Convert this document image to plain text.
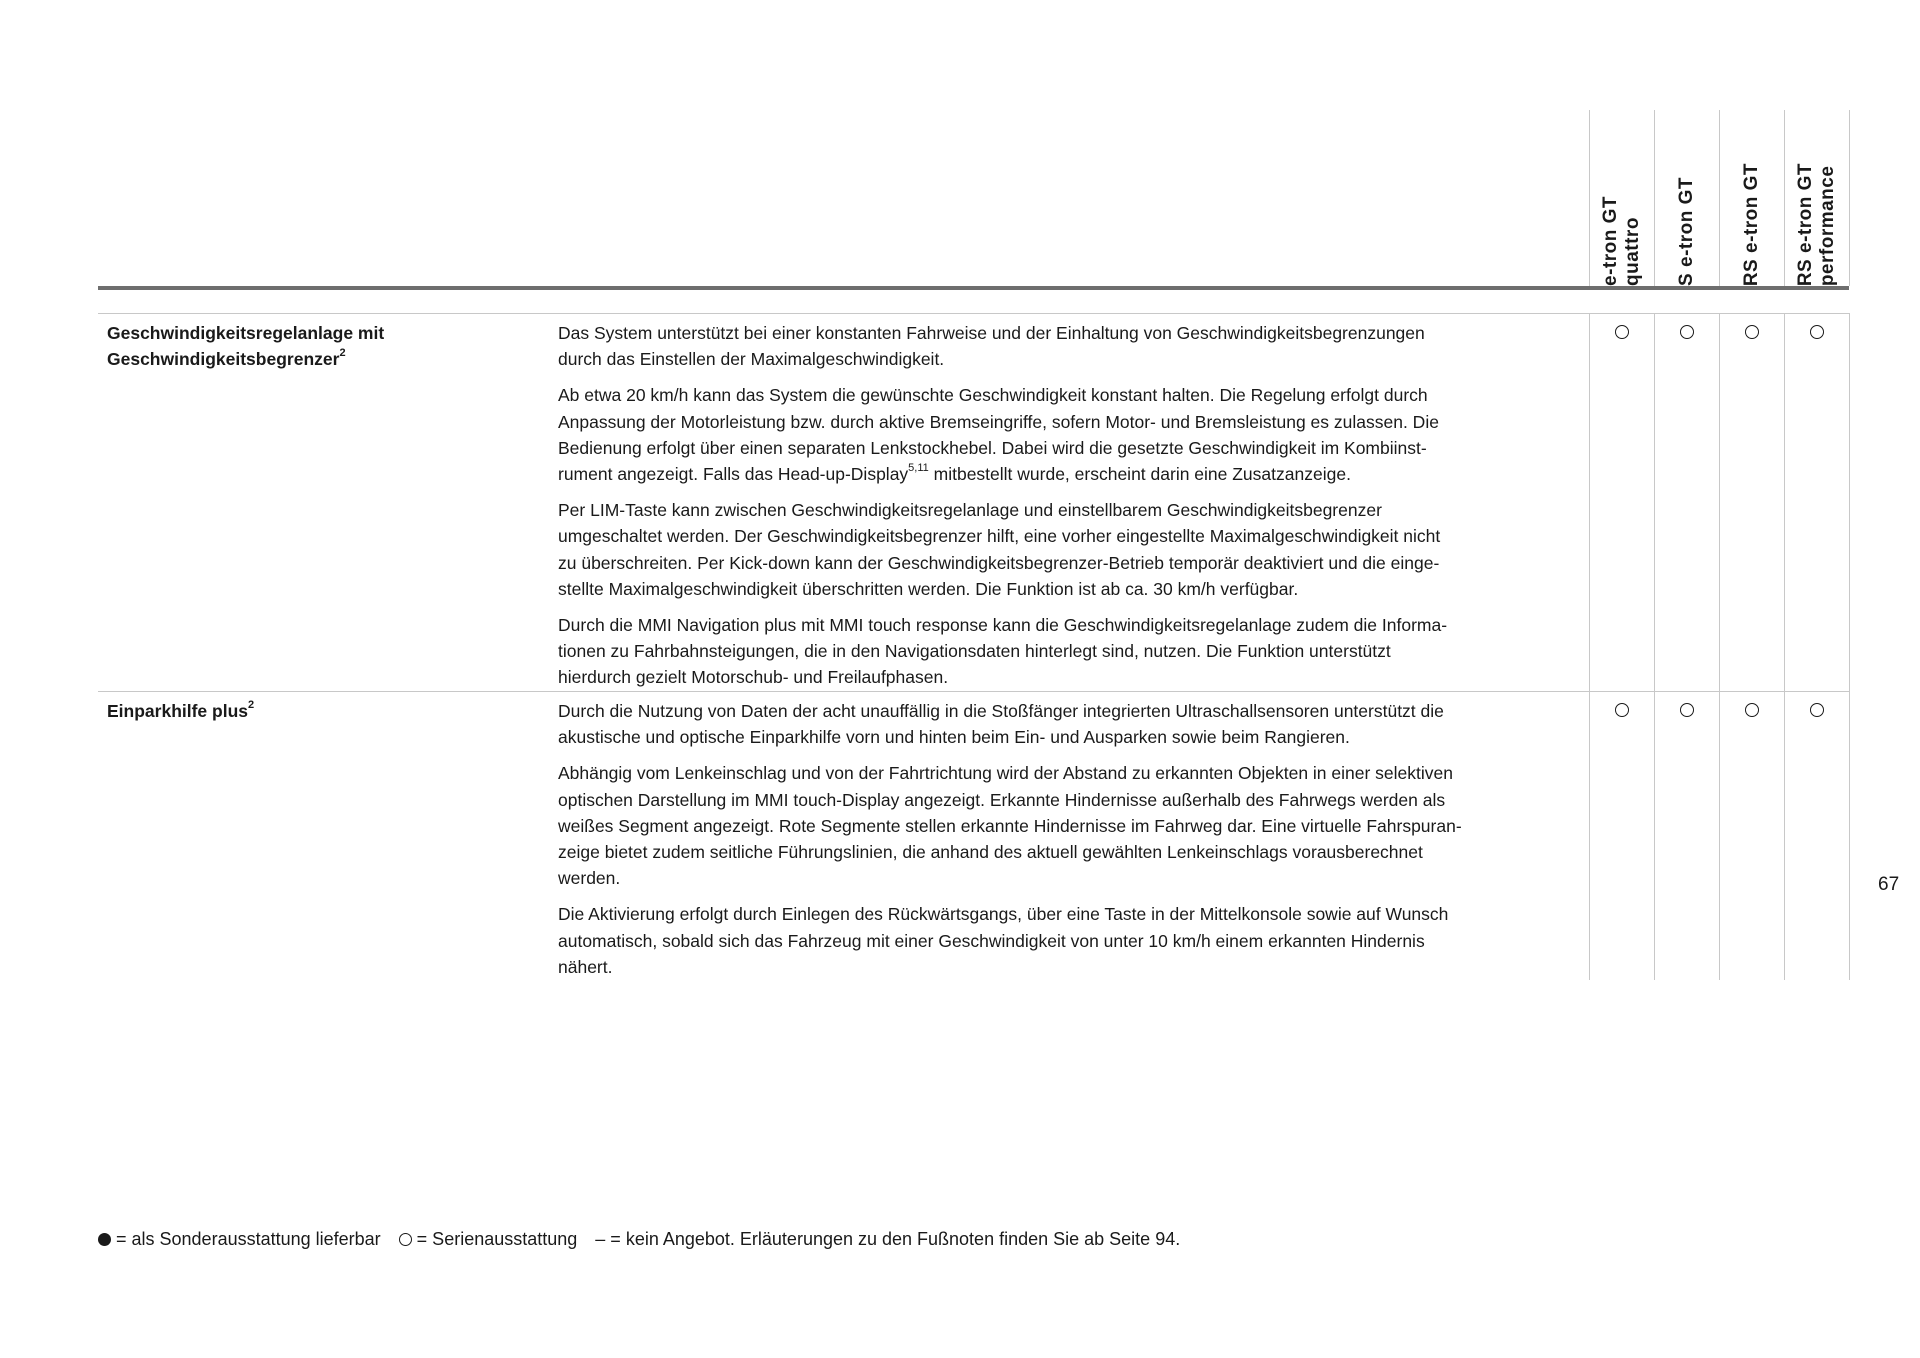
e-tron GT
quattro S e-tron GT RS e-tron GT RS e-tron GT
performance
Geschwindigkeitsregelanlage mit
Geschwindigkeitsbegrenzer$^2$

Das System unterstützt bei einer konstanten Fahrweise und der Einhaltung von Geschwindigkeitsbegrenzungen
durch das Einstellen der Maximalgeschwindigkeit.

Ab etwa 20 km/h kann das System die gewünschte Geschwindigkeit konstant halten. Die Regelung erfolgt durch
Anpassung der Motorleistung bzw. durch aktive Bremseingriffe, sofern Motor- und Bremsleistung es zulassen. Die
Bedienung erfolgt über einen separaten Lenkstockhebel. Dabei wird die gesetzte Geschwindigkeit im Kombiinst-
rument angezeigt. Falls das Head-up-Display$^{5,11}$ mitbestellt wurde, erscheint darin eine Zusatzanzeige.

Per LIM-Taste kann zwischen Geschwindigkeitsregelanlage und einstellbarem Geschwindigkeitsbegrenzer
umgeschaltet werden. Der Geschwindigkeitsbegrenzer hilft, eine vorher eingestellte Maximalgeschwindigkeit nicht
zu überschreiten. Per Kick-down kann der Geschwindigkeitsbegrenzer-Betrieb temporär deaktiviert und die einge-
stellte Maximalgeschwindigkeit überschritten werden. Die Funktion ist ab ca. 30 km/h verfügbar.

Durch die MMI Navigation plus mit MMI touch response kann die Geschwindigkeitsregelanlage zudem die Informa-
tionen zu Fahrbahnsteigungen, die in den Navigationsdaten hinterlegt sind, nutzen. Die Funktion unterstützt
hierdurch gezielt Motorschub- und Freilaufphasen.

Einparkhilfe plus$^2$	Durch die Nutzung von Daten der acht unauffällig in die Stoßfänger integrierten Ultraschallsensoren unterstützt die
akustische und optische Einparkhilfe vorn und hinten beim Ein- und Ausparken sowie beim Rangieren.

Abhängig vom Lenkeinschlag und von der Fahrtrichtung wird der Abstand zu erkannten Objekten in einer selektiven
optischen Darstellung im MMI touch-Display angezeigt. Erkannte Hindernisse außerhalb des Fahrwegs werden als
weißes Segment angezeigt. Rote Segmente stellen erkannte Hindernisse im Fahrweg dar. Eine virtuelle Fahrspuran-
zeige bietet zudem seitliche Führungslinien, die anhand des aktuell gewählten Lenkeinschlags vorausberechnet
werden.

Die Aktivierung erfolgt durch Einlegen des Rückwärtsgangs, über eine Taste in der Mittelkonsole sowie auf Wunsch
automatisch, sobald sich das Fahrzeug mit einer Geschwindigkeit von unter 10 km/h einem erkannten Hindernis
nähert.

67
= als Sonderausstattung lieferbar = Serienausstattung – = kein Angebot. Erläuterungen zu den Fußnoten finden Sie ab Seite 94.
